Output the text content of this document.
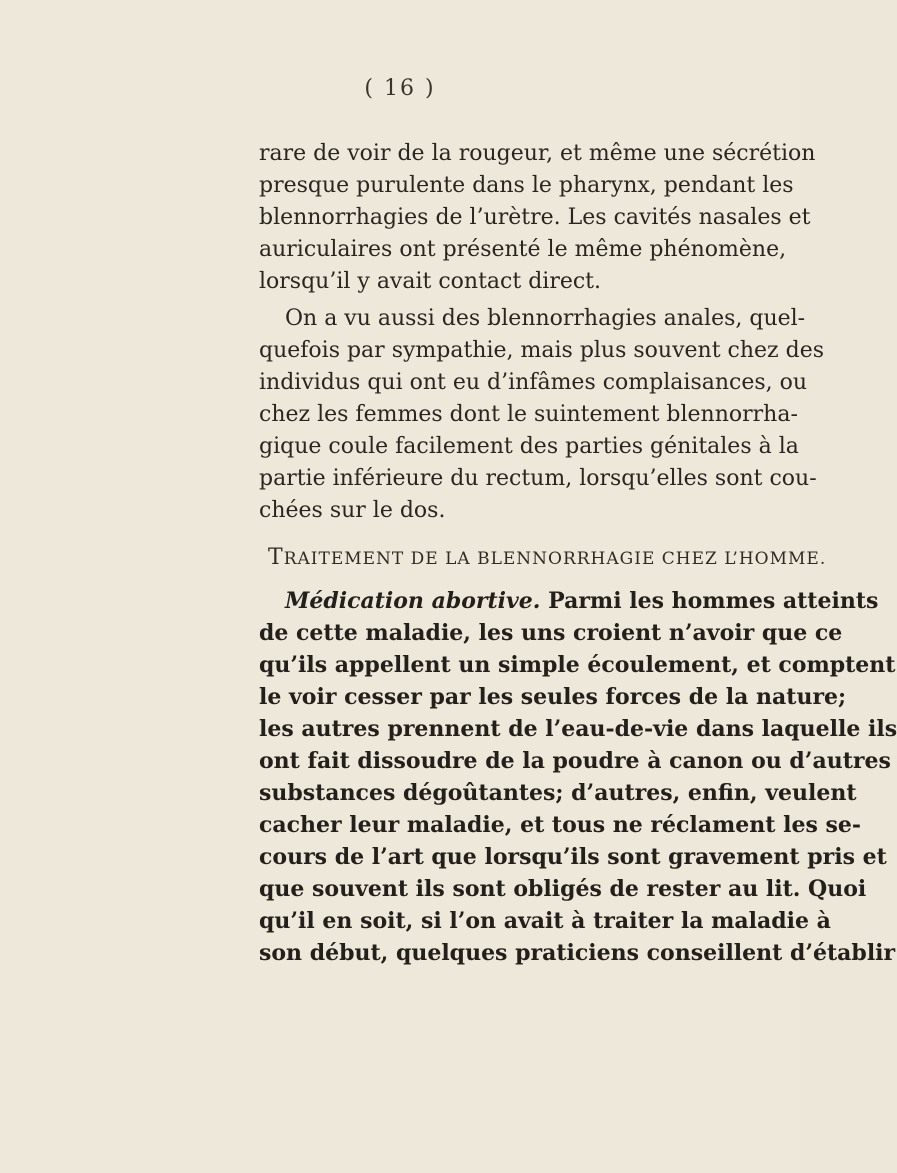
( 16 )
rare de voir de la rougeur, et même une sécrétion
presque purulente dans le pharynx, pendant les
blennorrhagies de l’urètre. Les cavités nasales et
auriculaires ont présenté le même phénomène,
lorsqu’il y avait contact direct.
On a vu aussi des blennorrhagies anales, quel-
quefois par sympathie, mais plus souvent chez des
individus qui ont eu d’infâmes complaisances, ou
chez les femmes dont le suintement blennorrha-
gique coule facilement des parties génitales à la
partie inférieure du rectum, lorsqu’elles sont cou-
chées sur le dos.
TRAITEMENT DE LA BLENNORRHAGIE CHEZ L’HOMME.
Médication abortive. Parmi les hommes atteints
de cette maladie, les uns croient n’avoir que ce
qu’ils appellent un simple écoulement, et comptent
le voir cesser par les seules forces de la nature;
les autres prennent de l’eau-de-vie dans laquelle ils
ont fait dissoudre de la poudre à canon ou d’autres
substances dégoûtantes; d’autres, enfin, veulent
cacher leur maladie, et tous ne réclament les se-
cours de l’art que lorsqu’ils sont gravement pris et
que souvent ils sont obligés de rester au lit. Quoi
qu’il en soit, si l’on avait à traiter la maladie à
son début, quelques praticiens conseillent d’établir
